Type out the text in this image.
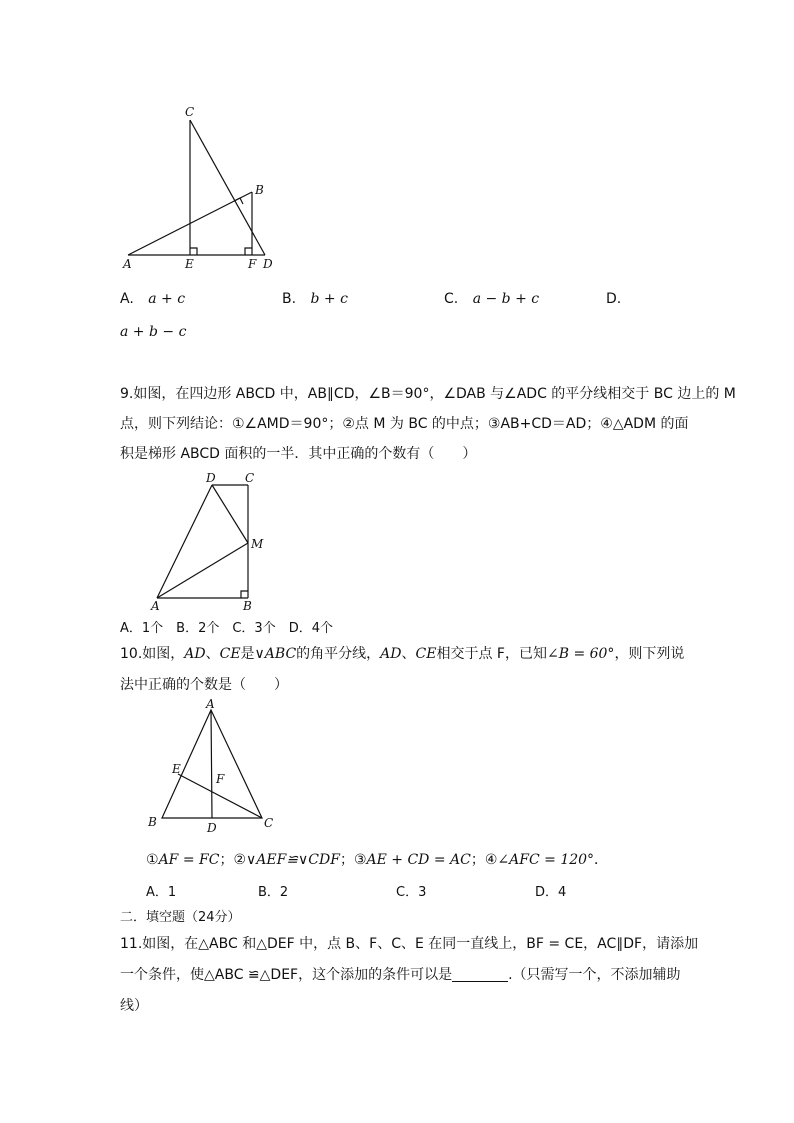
C
B
A	E	F D
A. a + c	B. b + c	C. a − b + c	D.
a + b − c
9.如图，在四边形 ABCD 中，AB∥CD，∠B＝90°，∠DAB 与∠ADC 的平分线相交于 BC 边上的 M
点，则下列结论：①∠AMD＝90°；②点 M 为 BC 的中点；③AB+CD＝AD；④△ADM 的面
积是梯形 ABCD 面积的一半．其中正确的个数有（　　）
D C
M
A	B
A．1个　B．2个　C．3个　D．4个
10.如图，AD、CE是∨ABC的角平分线，AD、CE相交于点 F，已知∠B = 60°，则下列说
法中正确的个数是（　　）
A
E
F
B	D	C
①AF = FC；②∨AEF≌∨CDF；③AE + CD = AC；④∠AFC = 120°．
A．1	B．2	C．3	D．4
二．填空题（24分）
11.如图，在△ABC 和△DEF 中，点 B、F、C、E 在同一直线上，BF = CE，AC∥DF，请添加
一个条件，使△ABC ≌△DEF，这个添加的条件可以是	.（只需写一个，不添加辅助
线）
